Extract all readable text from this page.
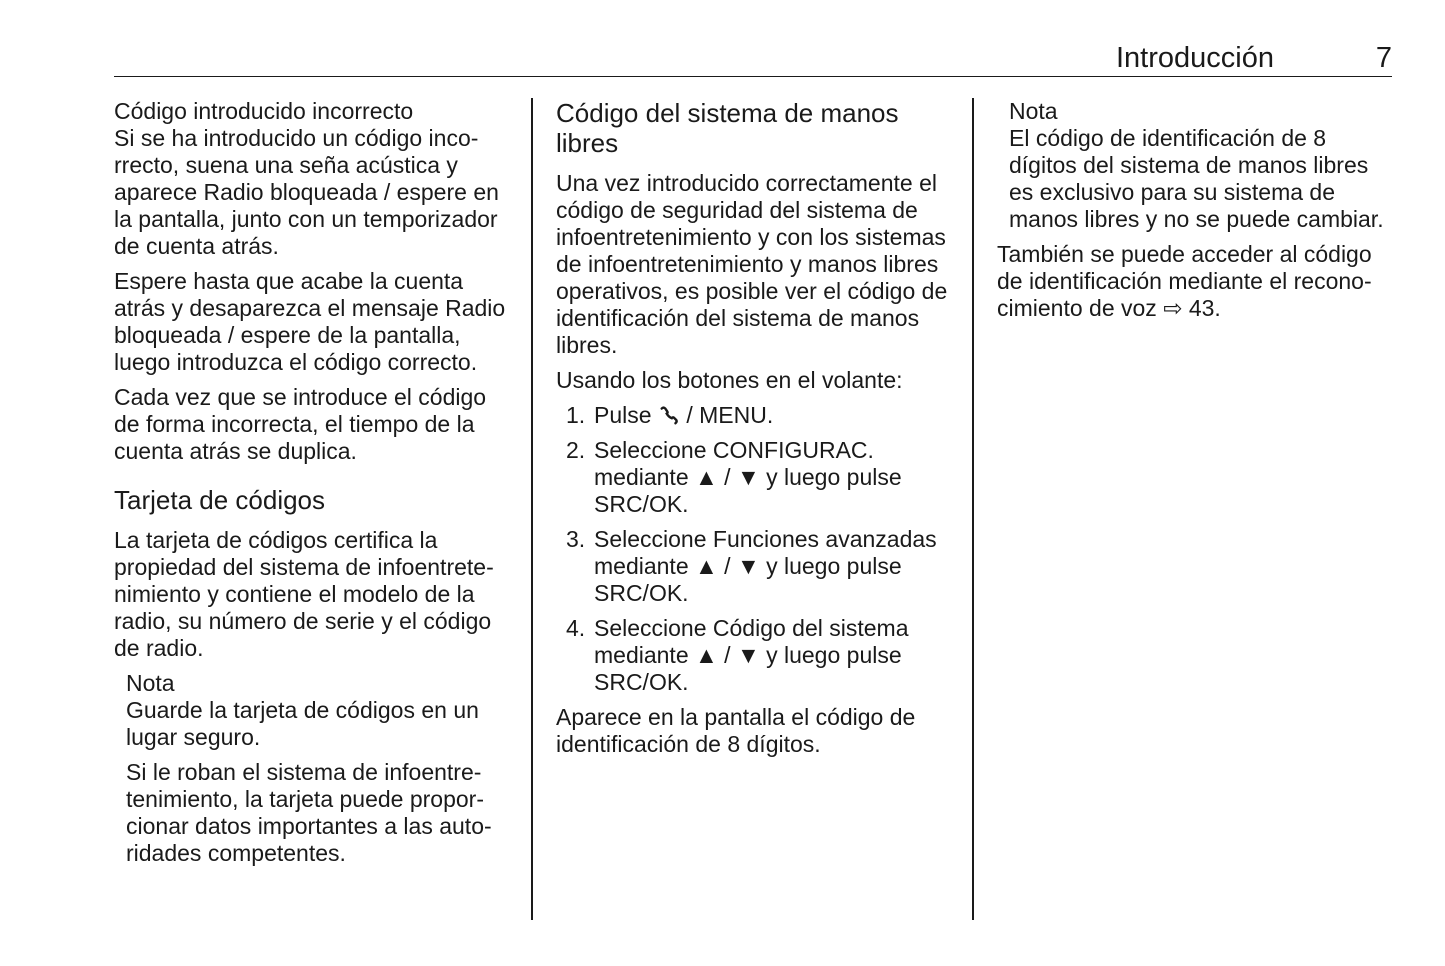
Introducción	7

Código introducido incorrecto

Si se ha introducido un código incorrecto, suena una seña acústica y aparece Radio bloqueada / espere en la pantalla, junto con un temporizador de cuenta atrás.

Espere hasta que acabe la cuenta atrás y desaparezca el mensaje Radio bloqueada / espere de la pantalla, luego introduzca el código correcto.

Cada vez que se introduce el código de forma incorrecta, el tiempo de la cuenta atrás se duplica.

Tarjeta de códigos

La tarjeta de códigos certifica la propiedad del sistema de infoentretenimiento y contiene el modelo de la radio, su número de serie y el código de radio.

Nota

Guarde la tarjeta de códigos en un lugar seguro.

Si le roban el sistema de infoentretenimiento, la tarjeta puede proporcionar datos importantes a las autoridades competentes.

Código del sistema de manos libres

Una vez introducido correctamente el código de seguridad del sistema de infoentretenimiento y con los sistemas de infoentretenimiento y manos libres operativos, es posible ver el código de identificación del sistema de manos libres.

Usando los botones en el volante:

1. Pulse / MENU.
2. Seleccione CONFIGURAC. mediante ▲ / ▼ y luego pulse SRC/OK.
3. Seleccione Funciones avanzadas mediante ▲ / ▼ y luego pulse SRC/OK.
4. Seleccione Código del sistema mediante ▲ / ▼ y luego pulse SRC/OK.

Aparece en la pantalla el código de identificación de 8 dígitos.

Nota

El código de identificación de 8 dígitos del sistema de manos libres es exclusivo para su sistema de manos libres y no se puede cambiar.

También se puede acceder al código de identificación mediante el reconocimiento de voz ⇨ 43.
